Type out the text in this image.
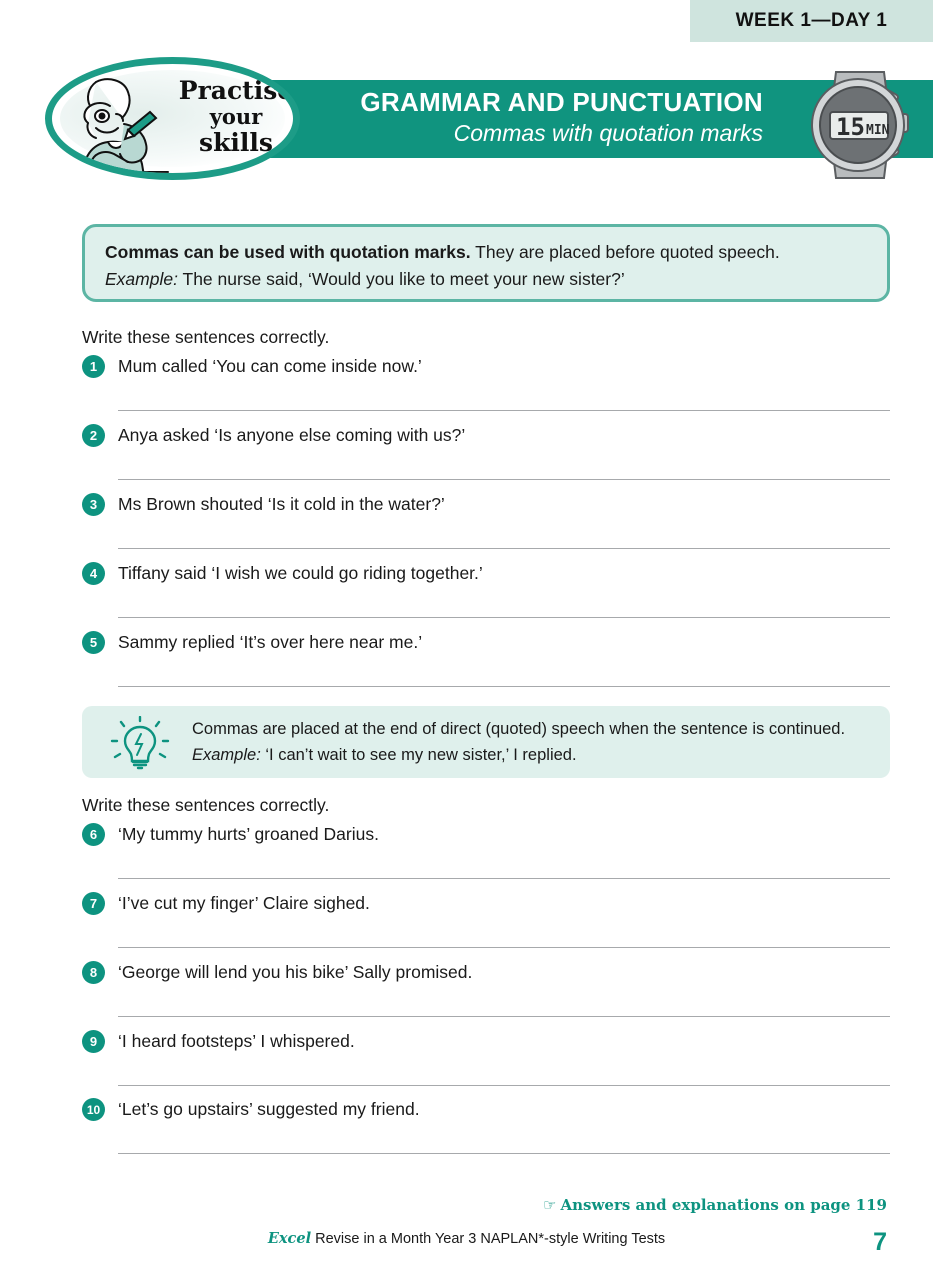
WEEK 1—DAY 1
GRAMMAR AND PUNCTUATION
Commas with quotation marks
Practise
your
skills
15 MIN
Commas can be used with quotation marks. They are placed before quoted speech.
Example: The nurse said, ‘Would you like to meet your new sister?’
Write these sentences correctly.
1	Mum called ‘You can come inside now.’
2	Anya asked ‘Is anyone else coming with us?’
3	Ms Brown shouted ‘Is it cold in the water?’
4	Tiffany said ‘I wish we could go riding together.’
5	Sammy replied ‘It’s over here near me.’
Commas are placed at the end of direct (quoted) speech when the sentence is continued.
Example: ‘I can’t wait to see my new sister,’ I replied.
Write these sentences correctly.
6	‘My tummy hurts’ groaned Darius.
7	‘I’ve cut my finger’ Claire sighed.
8	‘George will lend you his bike’ Sally promised.
9	‘I heard footsteps’ I whispered.
10 ‘Let’s go upstairs’ suggested my friend.
☞ Answers and explanations on page 119
Excel Revise in a Month Year 3 NAPLAN*-style Writing Tests	7
